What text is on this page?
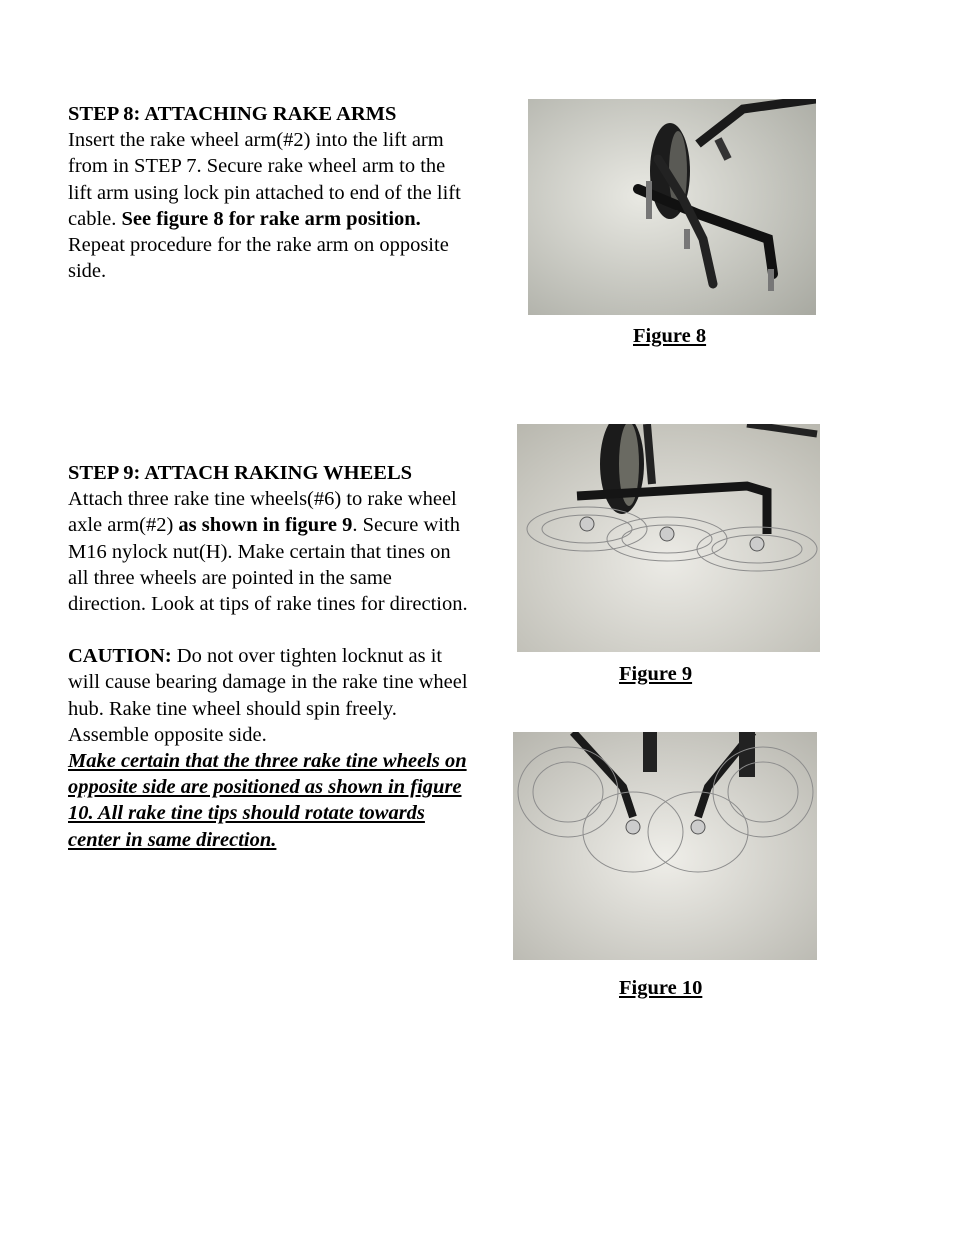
STEP 8: ATTACHING RAKE ARMS

Insert the rake wheel arm(#2) into the lift arm from in STEP 7. Secure rake wheel arm to the lift arm using lock pin attached to end of the lift cable. See figure 8 for rake arm position.

Repeat procedure for the rake arm on opposite side.

STEP 9: ATTACH RAKING WHEELS

Attach three rake tine wheels(#6) to rake wheel axle arm(#2) as shown in figure 9. Secure with M16 nylock nut(H). Make certain that tines on all three wheels are pointed in the same direction. Look at tips of rake tines for direction.

CAUTION: Do not over tighten locknut as it will cause bearing damage in the rake tine wheel hub. Rake tine wheel should spin freely. Assemble opposite side.

Make certain that the three rake tine wheels on opposite side are positioned as shown in figure 10. All rake tine tips should rotate towards center in same direction.

Figure 8
Figure 9
Figure 10
